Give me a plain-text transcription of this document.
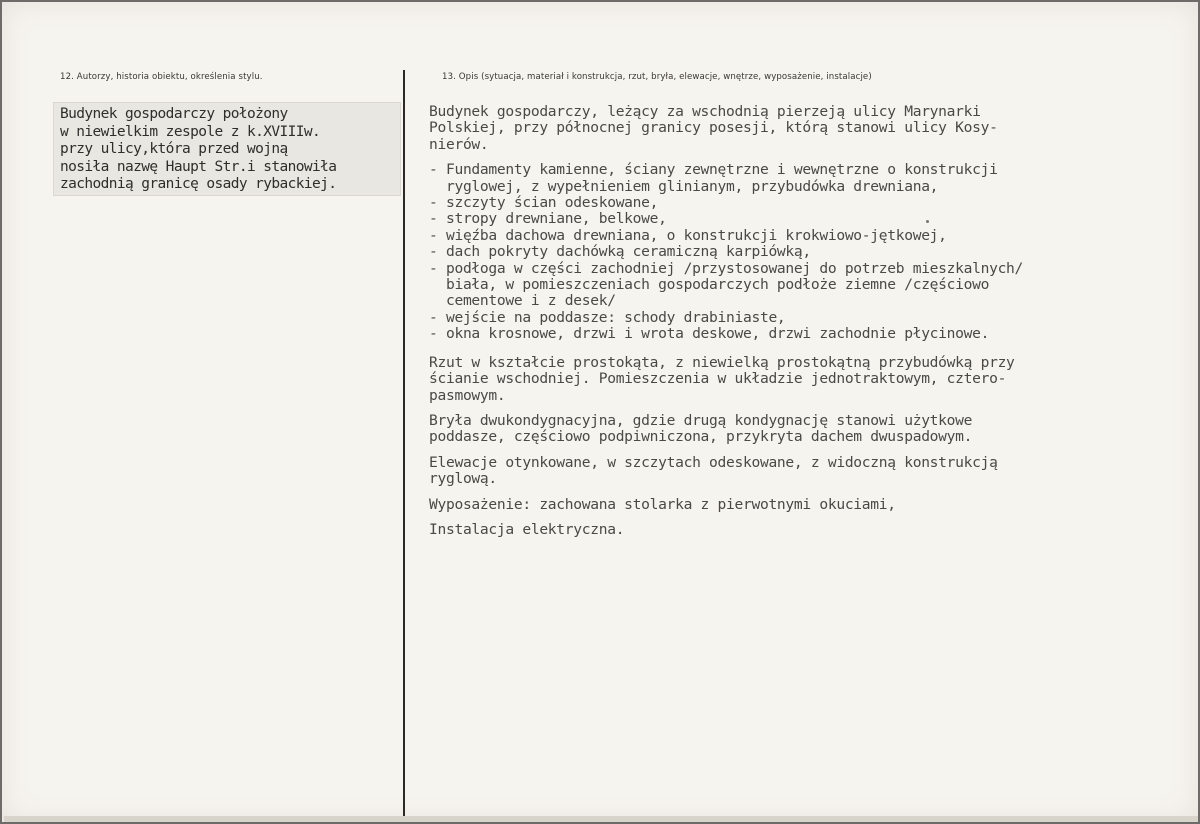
12. Autorzy, historia obiektu, określenia stylu.	13. Opis (sytuacja, materiał i konstrukcja, rzut, bryła, elewacje, wnętrze, wyposażenie, instalacje)
Budynek gospodarczy położony
w niewielkim zespole z k.XVIIIw.
przy ulicy,która przed wojną
nosiła nazwę Haupt Str.i stanowiła
zachodnią granicę osady rybackiej.
Budynek gospodarczy, leżący za wschodnią pierzeją ulicy Marynarki
Polskiej, przy północnej granicy posesji, którą stanowi ulicy Kosy-
nierów.
- Fundamenty kamienne, ściany zewnętrzne i wewnętrzne o konstrukcji
ryglowej, z wypełnieniem glinianym, przybudówka drewniana,
- szczyty ścian odeskowane,
- stropy drewniane, belkowe,
- więźba dachowa drewniana, o konstrukcji krokwiowo-jętkowej,
- dach pokryty dachówką ceramiczną karpiówką,
- podłoga w części zachodniej /przystosowanej do potrzeb mieszkalnych/
biała, w pomieszczeniach gospodarczych podłoże ziemne /częściowo
cementowe i z desek/
- wejście na poddasze: schody drabiniaste,
- okna krosnowe, drzwi i wrota deskowe, drzwi zachodnie płycinowe.
Rzut w kształcie prostokąta, z niewielką prostokątną przybudówką przy
ścianie wschodniej. Pomieszczenia w układzie jednotraktowym, cztero-
pasmowym.
Bryła dwukondygnacyjna, gdzie drugą kondygnację stanowi użytkowe
poddasze, częściowo podpiwniczona, przykryta dachem dwuspadowym.
Elewacje otynkowane, w szczytach odeskowane, z widoczną konstrukcją
ryglową.
Wyposażenie: zachowana stolarka z pierwotnymi okuciami,
Instalacja elektryczna.
